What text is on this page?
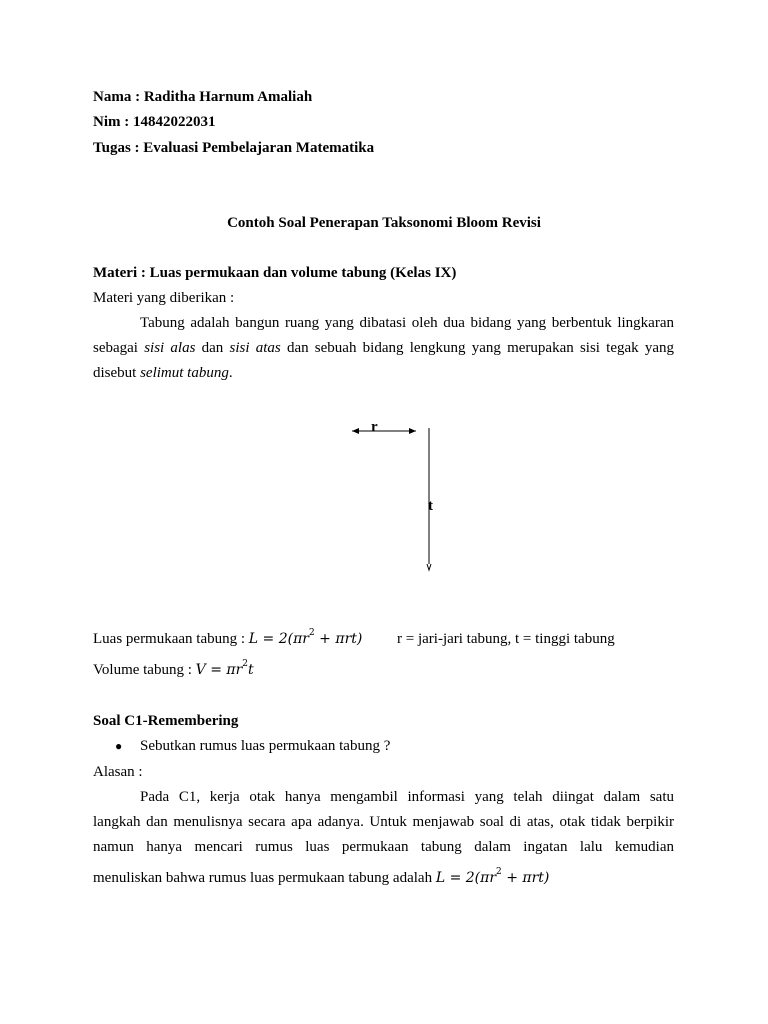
Nama : Raditha Harnum Amaliah
Nim : 14842022031
Tugas : Evaluasi Pembelajaran Matematika
Contoh Soal Penerapan Taksonomi Bloom Revisi
Materi : Luas permukaan dan volume tabung (Kelas IX)
Materi yang diberikan :
Tabung adalah bangun ruang yang dibatasi oleh dua bidang yang berbentuk lingkaran
sebagai sisi alas dan sisi atas dan sebuah bidang lengkung yang merupakan sisi tegak yang
disebut selimut tabung.
r
t
Luas permukaan tabung : $L = 2(\pi r^2 + \pi rt) r$ = jari-jari tabung, t = tinggi tabung
Volume tabung : $V = \pi r^2t$
Soal C1-Remembering
● Sebutkan rumus luas permukaan tabung ?
Alasan :
Pada C1, kerja otak hanya mengambil informasi yang telah diingat dalam satu
langkah dan menulisnya secara apa adanya. Untuk menjawab soal di atas, otak tidak berpikir
namun hanya mencari rumus luas permukaan tabung dalam ingatan lalu kemudian
menuliskan bahwa rumus luas permukaan tabung adalah $L = 2(\pi r^2 + \pi rt)$
